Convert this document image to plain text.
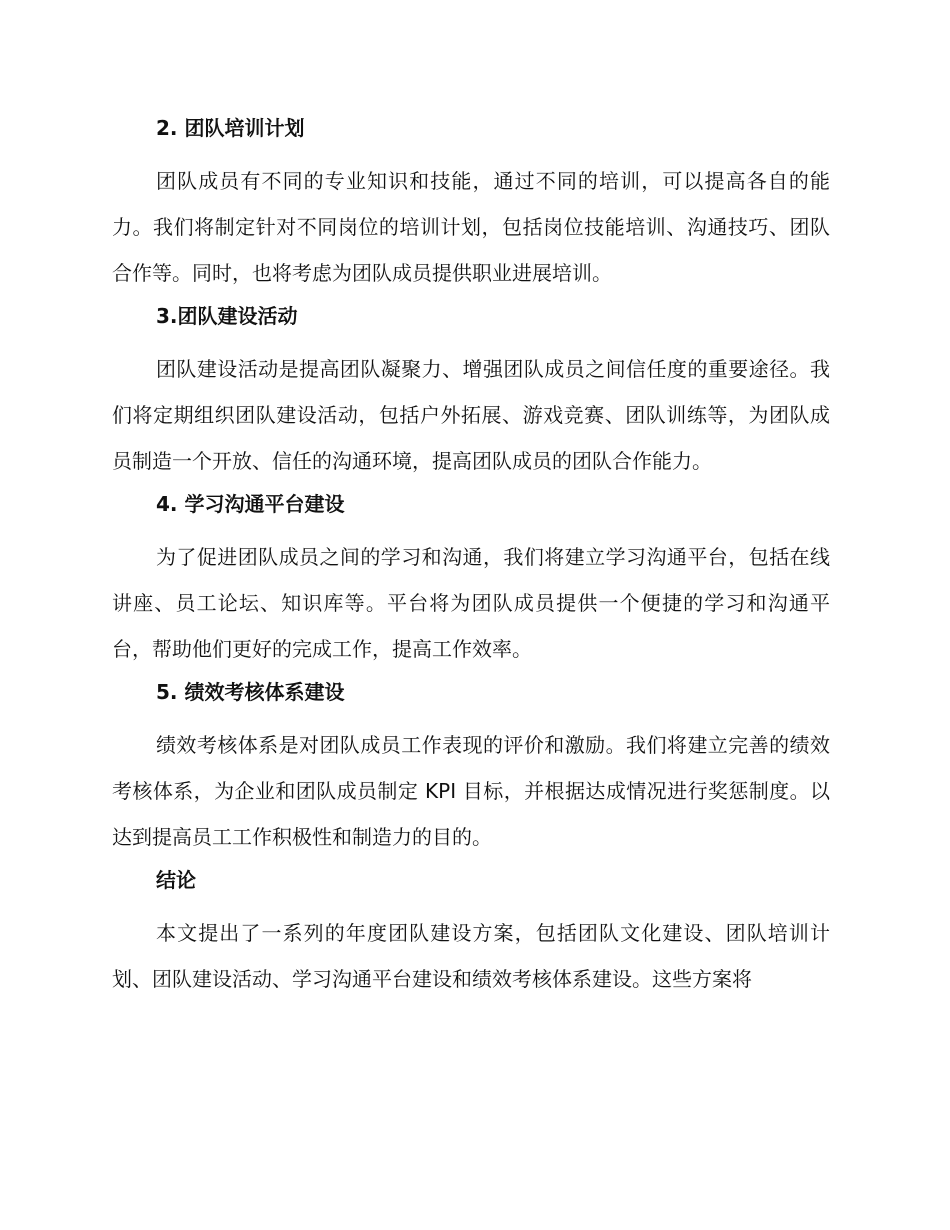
2. 团队培训计划

团队成员有不同的专业知识和技能，通过不同的培训，可以提高各自的能力。我们将制定针对不同岗位的培训计划，包括岗位技能培训、沟通技巧、团队合作等。同时，也将考虑为团队成员提供职业进展培训。

3.团队建设活动

团队建设活动是提高团队凝聚力、增强团队成员之间信任度的重要途径。我们将定期组织团队建设活动，包括户外拓展、游戏竞赛、团队训练等，为团队成员制造一个开放、信任的沟通环境，提高团队成员的团队合作能力。

4. 学习沟通平台建设

为了促进团队成员之间的学习和沟通，我们将建立学习沟通平台，包括在线讲座、员工论坛、知识库等。平台将为团队成员提供一个便捷的学习和沟通平台，帮助他们更好的完成工作，提高工作效率。

5. 绩效考核体系建设

绩效考核体系是对团队成员工作表现的评价和激励。我们将建立完善的绩效考核体系，为企业和团队成员制定 KPI 目标，并根据达成情况进行奖惩制度。以达到提高员工工作积极性和制造力的目的。

结论

本文提出了一系列的年度团队建设方案，包括团队文化建设、团队培训计划、团队建设活动、学习沟通平台建设和绩效考核体系建设。这些方案将
